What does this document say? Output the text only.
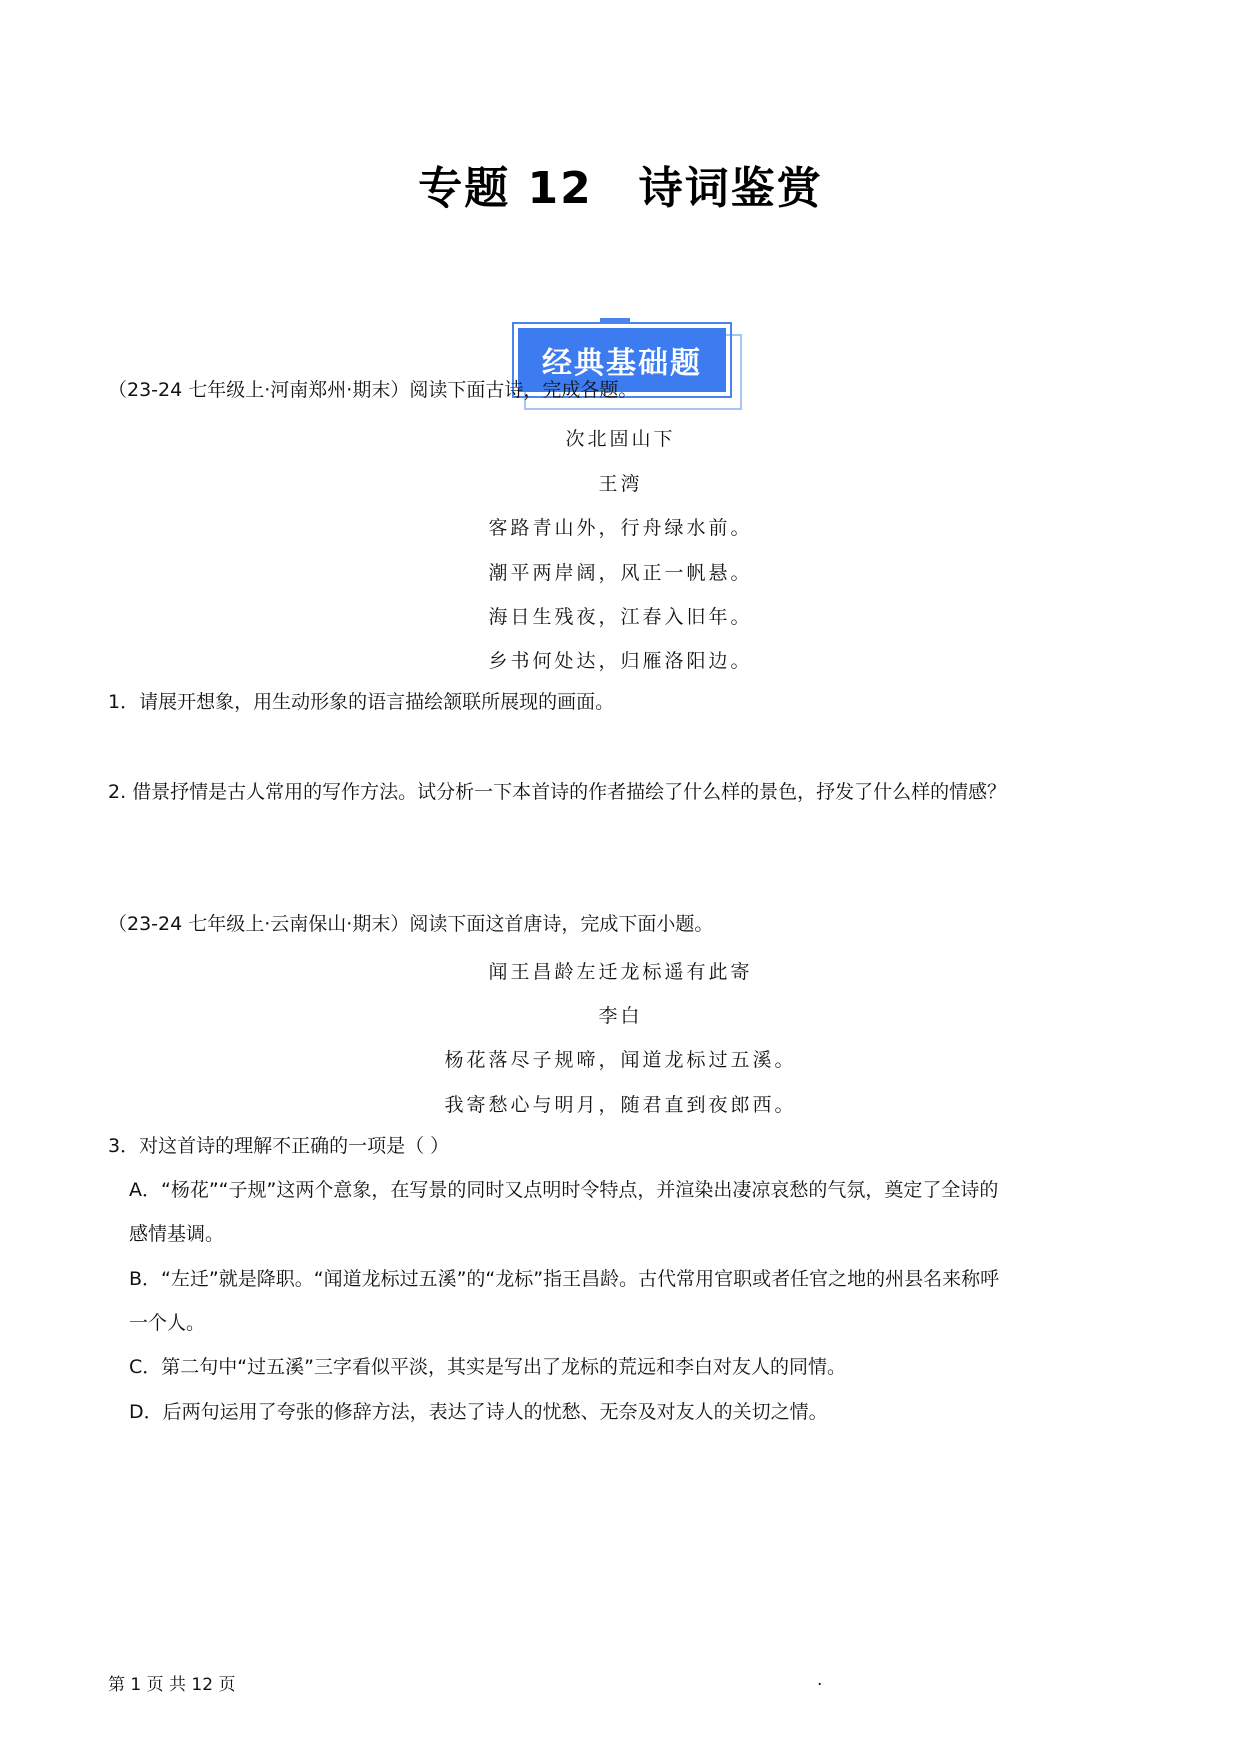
专题 12　诗词鉴赏
经典基础题
（23-24 七年级上·河南郑州·期末）阅读下面古诗，完成各题。
次北固山下
王湾
客路青山外，行舟绿水前。
潮平两岸阔，风正一帆悬。
海日生残夜，江春入旧年。
乡书何处达，归雁洛阳边。
1．请展开想象，用生动形象的语言描绘颔联所展现的画面。
2. 借景抒情是古人常用的写作方法。试分析一下本首诗的作者描绘了什么样的景色，抒发了什么样的情感？
（23-24 七年级上·云南保山·期末）阅读下面这首唐诗，完成下面小题。
闻王昌龄左迁龙标遥有此寄
李白
杨花落尽子规啼，闻道龙标过五溪。
我寄愁心与明月，随君直到夜郎西。
3．对这首诗的理解不正确的一项是（ ）
A．“杨花”“子规”这两个意象，在写景的同时又点明时令特点，并渲染出凄凉哀愁的气氛，奠定了全诗的
感情基调。
B．“左迁”就是降职。“闻道龙标过五溪”的“龙标”指王昌龄。古代常用官职或者任官之地的州县名来称呼
一个人。
C．第二句中“过五溪”三字看似平淡，其实是写出了龙标的荒远和李白对友人的同情。
D．后两句运用了夸张的修辞方法，表达了诗人的忧愁、无奈及对友人的关切之情。
第 1 页 共 12 页	.
